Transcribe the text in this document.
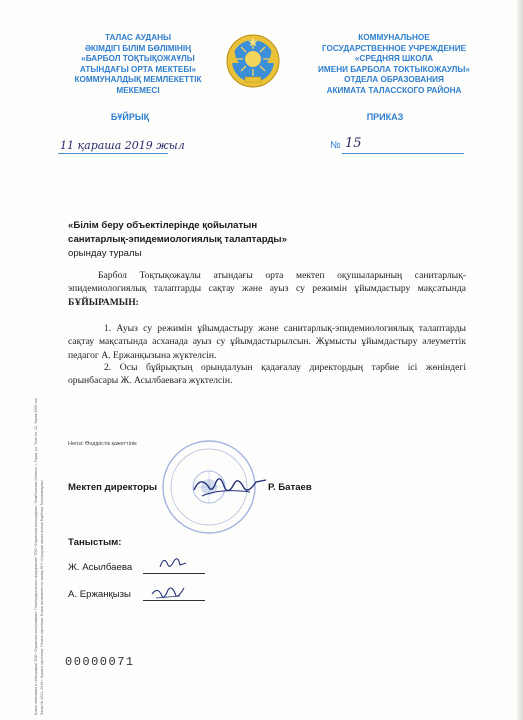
ТАЛАС АУДАНЫ
ӘКІМДІГІ БІЛІМ БӨЛІМІНІҢ
«БАРБОЛ ТОҚТЫҚОЖАҰЛЫ
АТЫНДАҒЫ ОРТА МЕКТЕБІ»
КОММУНАЛДЫҚ МЕМЛЕКЕТТІК
МЕКЕМЕСІ
КОММУНАЛЬНОЕ
ГОСУДАРСТВЕННОЕ УЧРЕЖДЕНИЕ
«СРЕДНЯЯ ШКОЛА
ИМЕНИ БАРБОЛА ТОКТЫКОЖАУЛЫ»
ОТДЕЛА ОБРАЗОВАНИЯ
АКИМАТА ТАЛАССКОГО РАЙОНА
БҰЙРЫҚ	ПРИКАЗ
11 қараша 2019 жыл	№ 15
«Білім беру объектілерінде қойылатын
санитарлық-эпидемиологиялық талаптарды»
орындау туралы
Барбол Тоқтықожаұлы атындағы орта мектеп оқушыларының санитарлық-эпидемиологиялық талаптарды сақтау және ауыз су режимін ұйымдастыру мақсатында БҰЙЫРАМЫН:
1. Ауыз су режимін ұйымдастыру және санитарлық-эпидемиологиялық талаптарды сақтау мақсатында асханада ауыз су ұйымдастырылсын. Жұмысты ұйымдастыру әлеуметтік педагог А. Ержанқызына жүктелсін.
2. Осы бұйрықтың орындалуын қадағалау директордың тәрбие ісі жөніндегі орынбасары Ж. Асылбаеваға жүктелсін.
Негізі: Өндірістік қажеттілік
Мектеп директоры	Р. Батаев
Таныстым:
Ж. Асылбаева
А. Ержанқызы
Бланк напечатан в типографии ТОО «Таразская типография». Полиграфическое предприятие ТОО «Таразская типография», Жамбылская область, г. Тараз, ул. Толе би, 42. Тираж 1000 экз. Заказ № 1234, 2019 г. Бумага офсетная. Печать офсетная. Бланк изготовлен по заказу КГУ «Средняя школа имени Барбола Токтыкожаулы». 00000071
